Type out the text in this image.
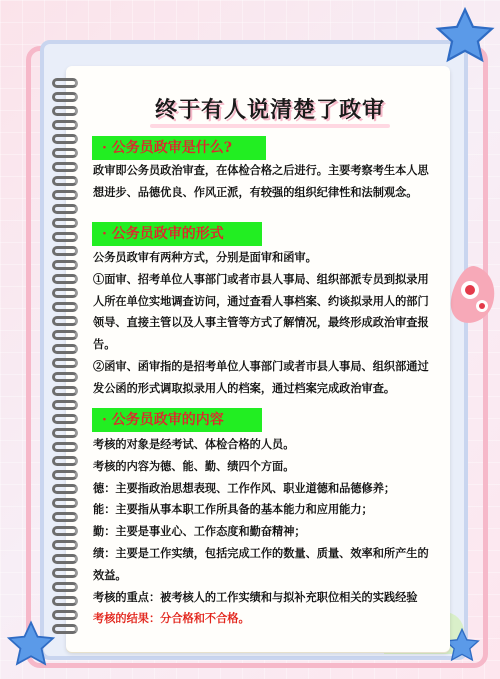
终于有人说清楚了政审
· 公务员政审是什么?

政审即公务员政治审查，在体检合格之后进行。主要考察考生本人思想进步、品德优良、作风正派，有较强的组织纪律性和法制观念。

· 公务员政审的形式

公务员政审有两种方式，分别是面审和函审。

①面审、招考单位人事部门或者市县人事局、组织部派专员到拟录用人所在单位实地调查访问，通过查看人事档案、约谈拟录用人的部门领导、直接主管以及人事主管等方式了解情况，最终形成政治审查报告。

②函审、函审指的是招考单位人事部门或者市县人事局、组织部通过发公函的形式调取拟录用人的档案，通过档案完成政治审查。

· 公务员政审的内容

考核的对象是经考试、体检合格的人员。

考核的内容为德、能、勤、绩四个方面。

德：主要指政治思想表现、工作作风、职业道德和品德修养；

能：主要指从事本职工作所具备的基本能力和应用能力；

勤：主要是事业心、工作态度和勤奋精神；

绩：主要是工作实绩，包括完成工作的数量、质量、效率和所产生的效益。

考核的重点：被考核人的工作实绩和与拟补充职位相关的实践经验

考核的结果：分合格和不合格。
